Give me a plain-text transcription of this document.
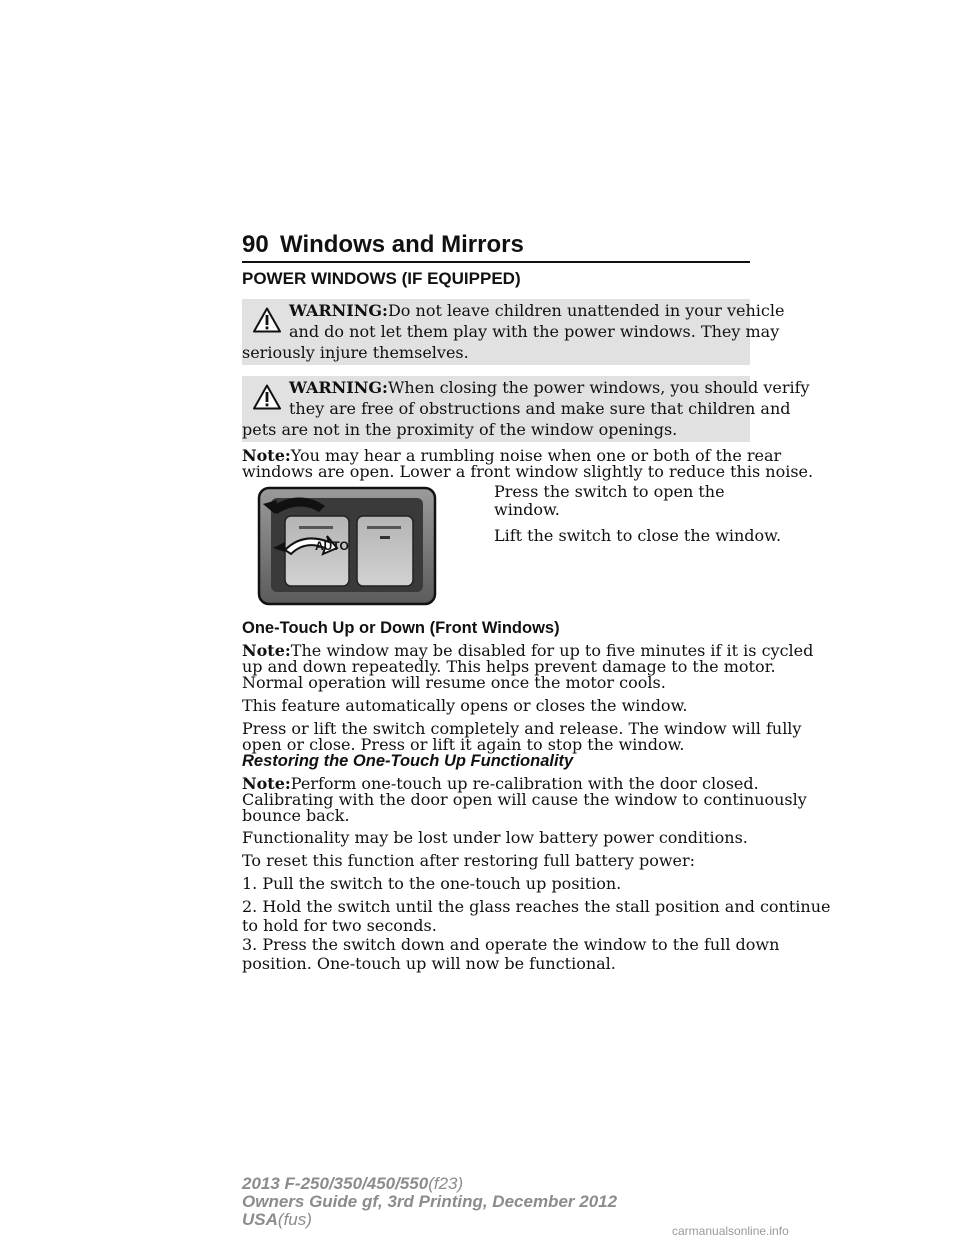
90 Windows and Mirrors
POWER WINDOWS (IF EQUIPPED)
WARNING:Do not leave children unattended in your vehicle
and do not let them play with the power windows. They may
seriously injure themselves.
WARNING:When closing the power windows, you should verify
they are free of obstructions and make sure that children and
pets are not in the proximity of the window openings.

Note:You may hear a rumbling noise when one or both of the rear

windows are open. Lower a front window slightly to reduce this noise.

AUTO

Press the switch to open the

window.

Lift the switch to close the window.

One-Touch Up or Down (Front Windows)

Note:The window may be disabled for up to five minutes if it is cycled

up and down repeatedly. This helps prevent damage to the motor.

Normal operation will resume once the motor cools.

This feature automatically opens or closes the window.

Press or lift the switch completely and release. The window will fully

open or close. Press or lift it again to stop the window.

Restoring the One-Touch Up Functionality

Note:Perform one-touch up re-calibration with the door closed.

Calibrating with the door open will cause the window to continuously

bounce back.

Functionality may be lost under low battery power conditions.

To reset this function after restoring full battery power:

1. Pull the switch to the one-touch up position.

2. Hold the switch until the glass reaches the stall position and continue

to hold for two seconds.

3. Press the switch down and operate the window to the full down

position. One-touch up will now be functional.

2013 F-250/350/450/550(f23)
Owners Guide gf, 3rd Printing, December 2012
USA(fus)
carmanualsonline.info
